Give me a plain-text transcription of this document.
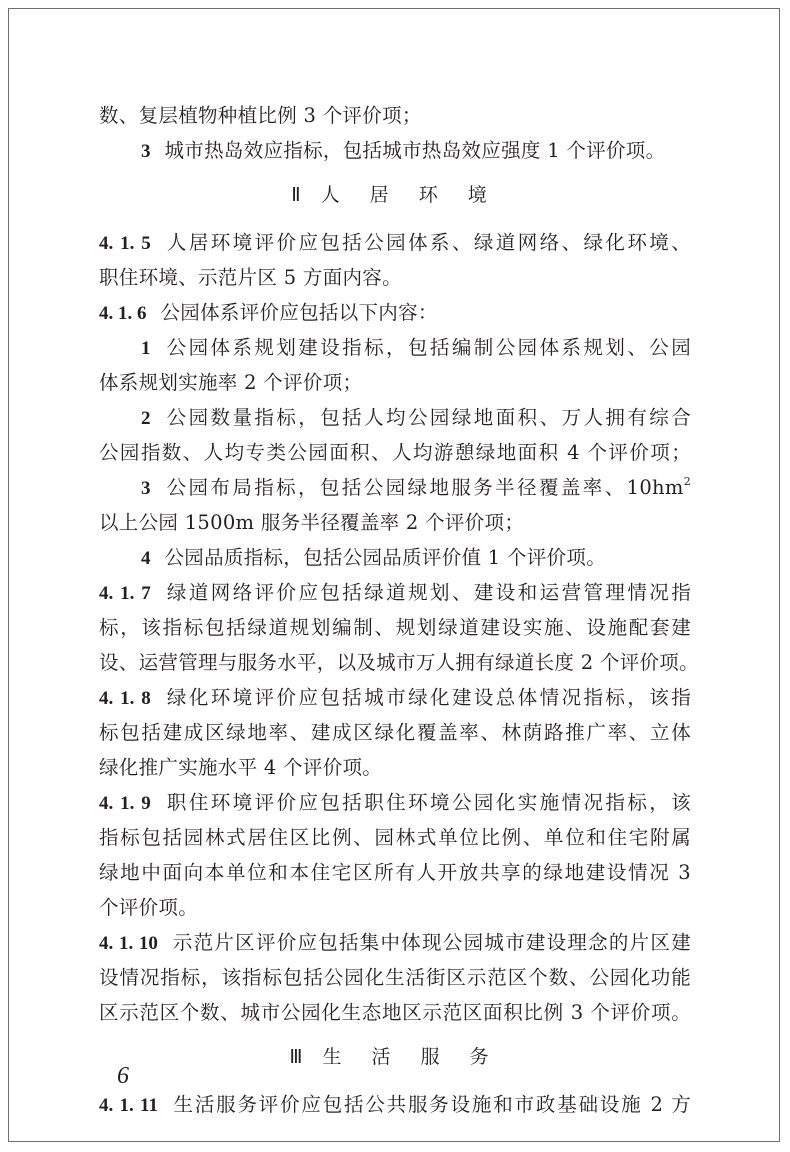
数、复层植物种植比例 3 个评价项；
3 城市热岛效应指标，包括城市热岛效应强度 1 个评价项。
Ⅱ 人 居 环 境
4. 1. 5 人居环境评价应包括公园体系、绿道网络、绿化环境、
职住环境、示范片区 5 方面内容。
4. 1. 6 公园体系评价应包括以下内容：
1 公园体系规划建设指标，包括编制公园体系规划、公园
体系规划实施率 2 个评价项；
2 公园数量指标，包括人均公园绿地面积、万人拥有综合
公园指数、人均专类公园面积、人均游憩绿地面积 4 个评价项；
3 公园布局指标，包括公园绿地服务半径覆盖率、$10hm^2$
以上公园 1500m 服务半径覆盖率 2 个评价项；
4 公园品质指标，包括公园品质评价值 1 个评价项。
4. 1. 7 绿道网络评价应包括绿道规划、建设和运营管理情况指
标，该指标包括绿道规划编制、规划绿道建设实施、设施配套建
设、运营管理与服务水平，以及城市万人拥有绿道长度 2 个评价项。
4. 1. 8 绿化环境评价应包括城市绿化建设总体情况指标，该指
标包括建成区绿地率、建成区绿化覆盖率、林荫路推广率、立体
绿化推广实施水平 4 个评价项。
4. 1. 9 职住环境评价应包括职住环境公园化实施情况指标，该
指标包括园林式居住区比例、园林式单位比例、单位和住宅附属
绿地中面向本单位和本住宅区所有人开放共享的绿地建设情况 3
个评价项。
4. 1. 10 示范片区评价应包括集中体现公园城市建设理念的片区建
设情况指标，该指标包括公园化生活街区示范区个数、公园化功能
区示范区个数、城市公园化生态地区示范区面积比例 3 个评价项。
Ⅲ 生 活 服 务
4. 1. 11 生活服务评价应包括公共服务设施和市政基础设施 2 方
6
